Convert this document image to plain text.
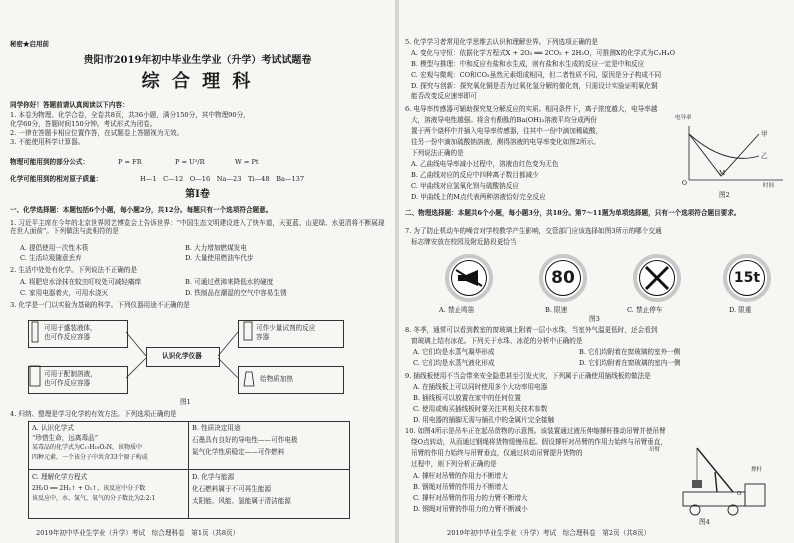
秘密★启用前
贵阳市2019年初中毕业生学业（升学）考试试题卷
综 合 理 科
同学你好！答题前请认真阅读以下内容：
1. 本卷为物理、化学合卷，全卷共8页，共36小题，满分150分，其中物理90分，
化学60分，答题时间150分钟。考试形式为闭卷。
2. 一律在答题卡相应位置作答，在试题卷上答题视为无效。
3. 不能使用科学计算器。
物理可能用到的部分公式：	P = FR	P = U²/R	W = Pt
化学可能用到的相对原子质量：	H—1　C—12　O—16　Na—23　Ti—48　Ba—137
第Ⅰ卷
一、化学选择题：本题包括6个小题，每小题2分，共12分。每题只有一个选项符合题意。
1. 习近平主席在今年的北京世界园艺博览会上告诉世界：“中国生态文明建设进入了快车道，天更蓝、山更绿、水更清将不断展现在世人面前”。下列做法与此相符的是
A. 提倡使用一次性木筷	B. 大力增加燃煤发电
C. 生活垃圾随意丢弃	D. 大量使用燃油车代步
2. 生活中处处有化学。下列说法不正确的是
A. 将肥皂水涂抹在蚊虫叮咬处可减轻痛痒	B. 可通过煮沸来降低水的硬度
C. 家用电器着火，可用水浇灭	D. 铁制品在潮湿的空气中容易生锈
3. 化学是一门以实验为基础的科学。下列仪器用途不正确的是
可用于盛装液体，
也可作反应容器
可用于配制溶液，
也可作反应容器
认识化学仪器
可作少量试剂的反应
容器
给物质加热
图1
4. 归纳、整理是学习化学的有效方法。下列选项正确的是
A. 认识化学式
“珍惜生命，远离毒品”
某毒品的化学式为C₁₇H₁₉O₃N，该物质中
四种元素，一个该分子中共含33个原子构成
B. 性质决定用途
石墨具有良好的导电性——可作电极
氮气化学性质稳定——可作燃料
C. 理解化学方程式
2H₂O ══ 2H₂↑ + O₂↑，该反应中分子数
该反应中，水、氢气、氧气的分子数比为2:2:1
D. 化学与能源
化石燃料属于不可再生能源
太阳能、风能、氢能属于清洁能源
2019年初中毕业生学业（升学）考试　综合理科卷　第1页（共8页）
5. 化学学习者常用化学思维去认识和理解世界。下列选项正确的是
A. 变化与守恒：依据化学方程式X + 2O₂ ══ 2CO₂ + 2H₂O，可推测X的化学式为C₂H₄O
B. 模型与推理：中和反应有盐和水生成，则有盐和水生成的反应一定是中和反应
C. 宏观与微观：CO和CO₂虽然元素组成相同，但二者性质不同，原因是分子构成不同
D. 探究与创新：探究氧化铜是否为过氧化氢分解的催化剂，只需设计实验证明氧化铜
能否改变反应速率即可
6. 电导率传感器可辅助探究复分解反应的实质。相同条件下，离子浓度越大，电导率越
大，溶液导电性越强。将含有酚酞的Ba(OH)₂溶液平均分成两份
置于两个烧杯中并插入电导率传感器，往其中一份中滴加稀硫酸，
往另一份中滴加硫酸钠溶液，测得溶液的电导率变化如图2所示。
下列说法正确的是
A. 乙曲线电导率减小过程中，溶液由红色变为无色
B. 乙曲线对应的反应中四种离子数目都减少
C. 甲曲线对应氢氧化钡与硫酸钠反应
D. 甲曲线上的M点代表两种溶液恰好完全反应
电导率
时间
甲
乙
M
O
图2
二、物理选择题：本题共6个小题，每小题3分，共18分。第7～11题为单项选择题，只有一个选项符合题目要求。
7. 为了防止机动车的噪音对学校教学产生影响，交管部门应该选择如图3所示的哪个交通
标志牌安放在校园及附近路段更恰当
80	15t
A. 禁止鸣笛	B. 限速	C. 禁止停车	D. 限重
图3
8. 冬季，通常可以看到教室的窗玻璃上附着一层小水珠，当室外气温更低时，还会看到
窗玻璃上结有冰花。下列关于水珠、冰花的分析中正确的是
A. 它们均是水蒸气凝华形成	B. 它们均附着在窗玻璃的室外一侧
C. 它们均是水蒸气液化形成	D. 它们均附着在窗玻璃的室内一侧
9. 插线板使用不当会带来安全隐患甚至引发火灾，下列属于正确使用插线板的做法是
A. 在插线板上可以同时使用多个大功率用电器
B. 插线板可以放置在家中的任何位置
C. 使用或购买插线板时要关注其相关技术参数
D. 用电器的插脚无需与插孔中的金属片完全接触
10. 如图4所示是吊车正在起吊货物的示意图。该装置通过液压伸缩撑杆推动吊臂并使吊臂
绕O点转动，从而通过钢绳将货物缓慢吊起。假设撑杆对吊臂的作用力始终与吊臂垂直，
吊臂的作用力始终与吊臂垂直，仅通过转动吊臂提升货物的
过程中，则下列分析正确的是
A. 撑杆对吊臂的作用力不断增大
B. 钢绳对吊臂的作用力不断增大
C. 撑杆对吊臂的作用力的力臂不断增大
D. 钢绳对吊臂的作用力的力臂不断减小
吊臂
撑杆
O
图4
2019年初中毕业生学业（升学）考试　综合理科卷　第2页（共8页）
